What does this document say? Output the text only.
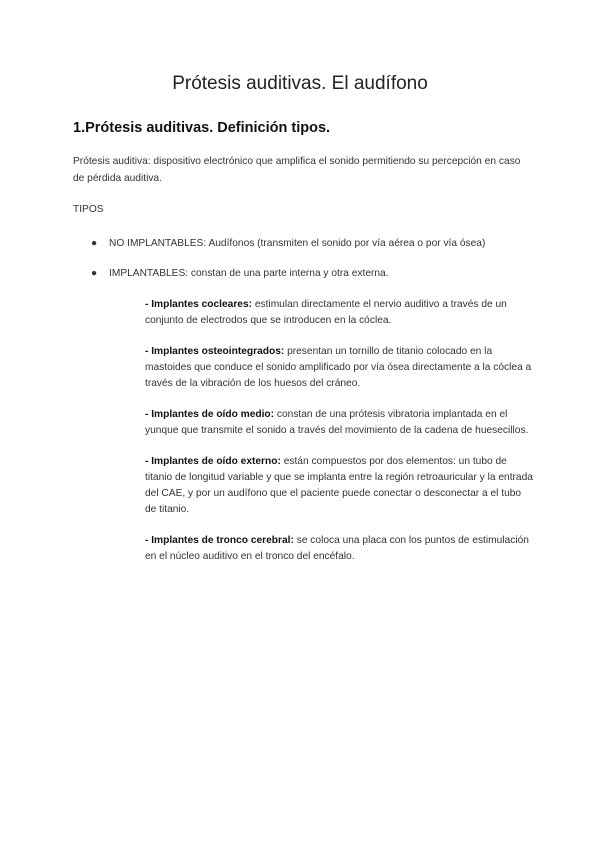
Prótesis auditivas. El audífono
1.Prótesis auditivas. Definición tipos.
Prótesis auditiva: dispositivo electrónico que amplifica el sonido permitiendo su percepción en caso de pérdida auditiva.
TIPOS
● NO IMPLANTABLES: Audífonos (transmiten el sonido por vía aérea o por vía ósea)
● IMPLANTABLES: constan de una parte interna y otra externa.

- Implantes cocleares: estimulan directamente el nervio auditivo a través de un conjunto de electrodos que se introducen en la cóclea.

- Implantes osteointegrados: presentan un tornillo de titanio colocado en la mastoides que conduce el sonido amplificado por vía ósea directamente a la cóclea a través de la vibración de los huesos del cráneo.

- Implantes de oído medio: constan de una prótesis vibratoria implantada en el yunque que transmite el sonido a través del movimiento de la cadena de huesecillos.

- Implantes de oído externo: están compuestos por dos elementos: un tubo de titanio de longitud variable y que se implanta entre la región retroauricular y la entrada del CAE, y por un audífono que el paciente puede conectar o desconectar a el tubo de titanio.

- Implantes de tronco cerebral: se coloca una placa con los puntos de estimulación en el núcleo auditivo en el tronco del encéfalo.
